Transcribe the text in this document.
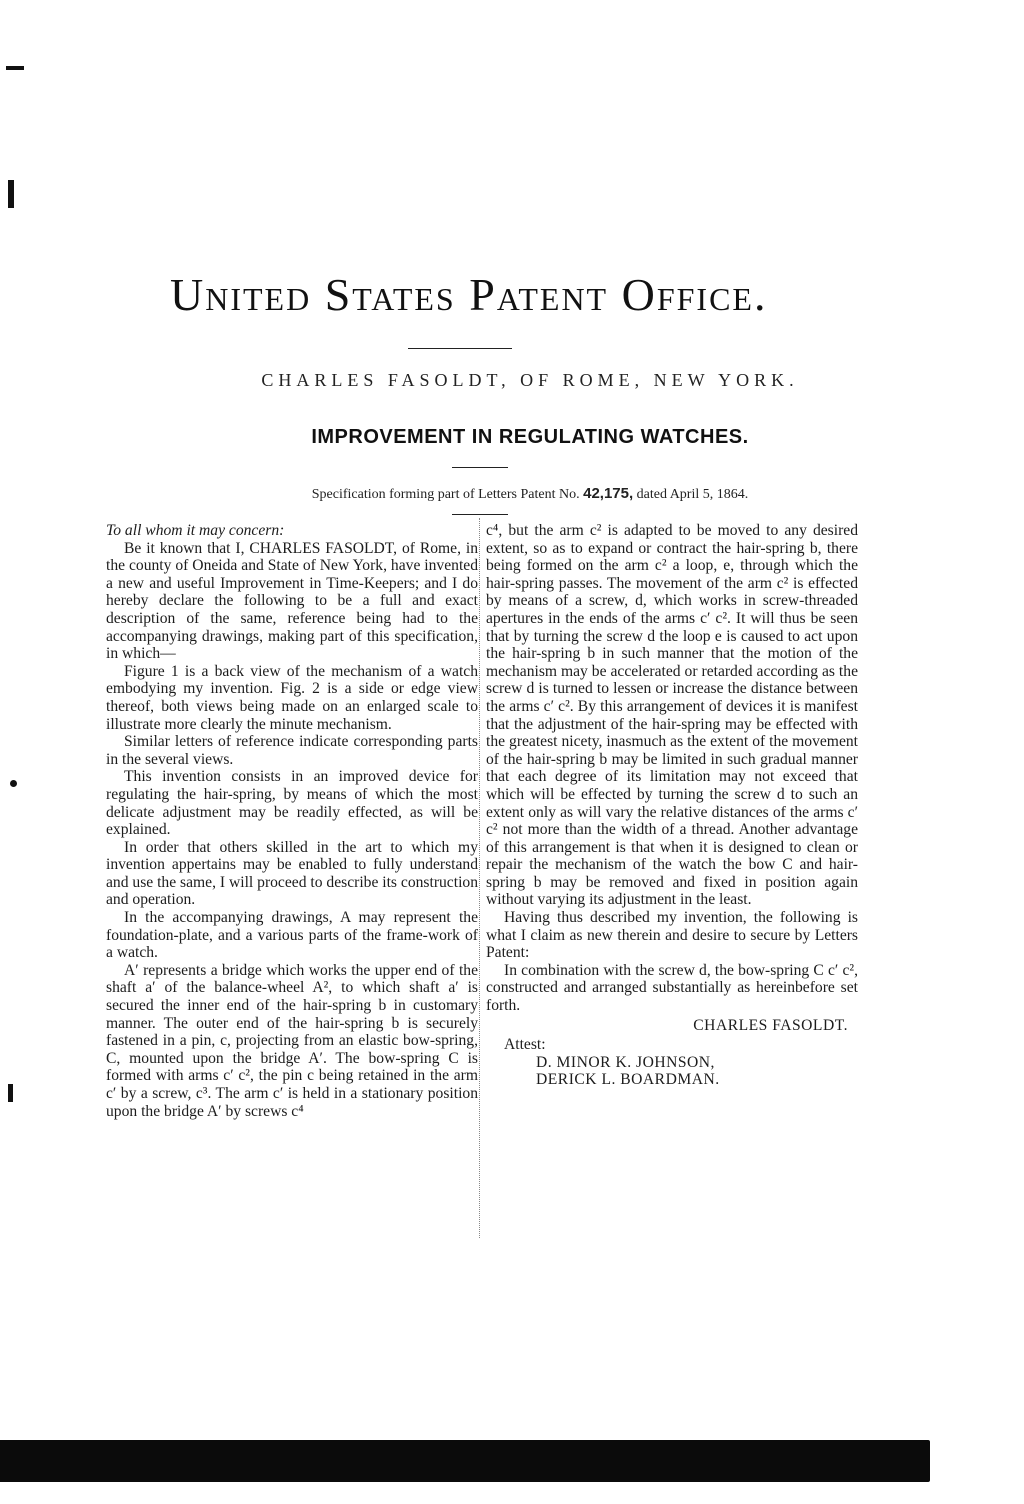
United States Patent Office.
CHARLES FASOLDT, OF ROME, NEW YORK.
IMPROVEMENT IN REGULATING WATCHES.
Specification forming part of Letters Patent No. 42,175, dated April 5, 1864.

To all whom it may concern:

Be it known that I, CHARLES FASOLDT, of Rome, in the county of Oneida and State of New York, have invented a new and useful Improvement in Time-Keepers; and I do hereby declare the following to be a full and exact description of the same, reference being had to the accompanying drawings, making part of this specification, in which—

Figure 1 is a back view of the mechanism of a watch embodying my invention. Fig. 2 is a side or edge view thereof, both views being made on an enlarged scale to illustrate more clearly the minute mechanism.

Similar letters of reference indicate corresponding parts in the several views.

This invention consists in an improved device for regulating the hair-spring, by means of which the most delicate adjustment may be readily effected, as will be explained.

In order that others skilled in the art to which my invention appertains may be enabled to fully understand and use the same, I will proceed to describe its construction and operation.

In the accompanying drawings, A may represent the foundation-plate, and a various parts of the frame-work of a watch.

A′ represents a bridge which works the upper end of the shaft a′ of the balance-wheel A², to which shaft a′ is secured the inner end of the hair-spring b in customary manner. The outer end of the hair-spring b is securely fastened in a pin, c, projecting from an elastic bow-spring, C, mounted upon the bridge A′. The bow-spring C is formed with arms c′ c², the pin c being retained in the arm c′ by a screw, c³. The arm c′ is held in a stationary position upon the bridge A′ by screws c⁴

c⁴, but the arm c² is adapted to be moved to any desired extent, so as to expand or contract the hair-spring b, there being formed on the arm c² a loop, e, through which the hair-spring passes. The movement of the arm c² is effected by means of a screw, d, which works in screw-threaded apertures in the ends of the arms c′ c². It will thus be seen that by turning the screw d the loop e is caused to act upon the hair-spring b in such manner that the motion of the mechanism may be accelerated or retarded according as the screw d is turned to lessen or increase the distance between the arms c′ c². By this arrangement of devices it is manifest that the adjustment of the hair-spring may be effected with the greatest nicety, inasmuch as the extent of the movement of the hair-spring b may be limited in such gradual manner that each degree of its limitation may not exceed that which will be effected by turning the screw d to such an extent only as will vary the relative distances of the arms c′ c² not more than the width of a thread. Another advantage of this arrangement is that when it is designed to clean or repair the mechanism of the watch the bow C and hair-spring b may be removed and fixed in position again without varying its adjustment in the least.

Having thus described my invention, the following is what I claim as new therein and desire to secure by Letters Patent:

In combination with the screw d, the bow-spring C c′ c², constructed and arranged substantially as hereinbefore set forth.

CHARLES FASOLDT.
Attest:
D. MINOR K. JOHNSON,
DERICK L. BOARDMAN.
